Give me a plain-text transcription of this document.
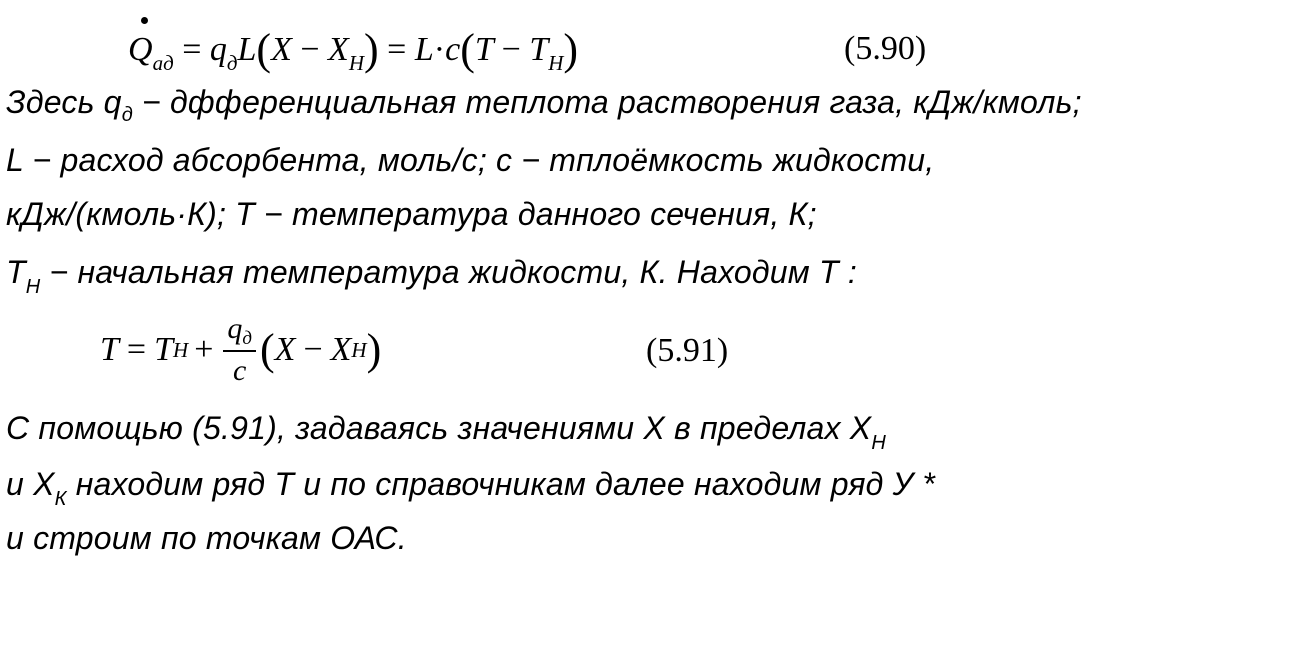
$Q_{ад} = q_дL(X - X_Н) = L\cdot c(T - T_Н)$	(5.90)
Здесь $q_д$ − дфференциальная теплота растворения газа, кДж/кмоль;
L − расход абсорбента, моль/с; с − тплоёмкость жидкости,
кДж/(кмоль·К); Т − температура данного сечения, К;
$Т_Н$ − начальная температура жидкости, К. Находим Т :
T = T $Н + \frac{q_д}{c}$ ( X − X Н )	(5.91)
С помощью (5.91), задаваясь значениями Х в пределах $Х_Н$
и $Х_К$ находим ряд Т и по справочникам далее находим ряд У *
и строим по точкам ОАС.
